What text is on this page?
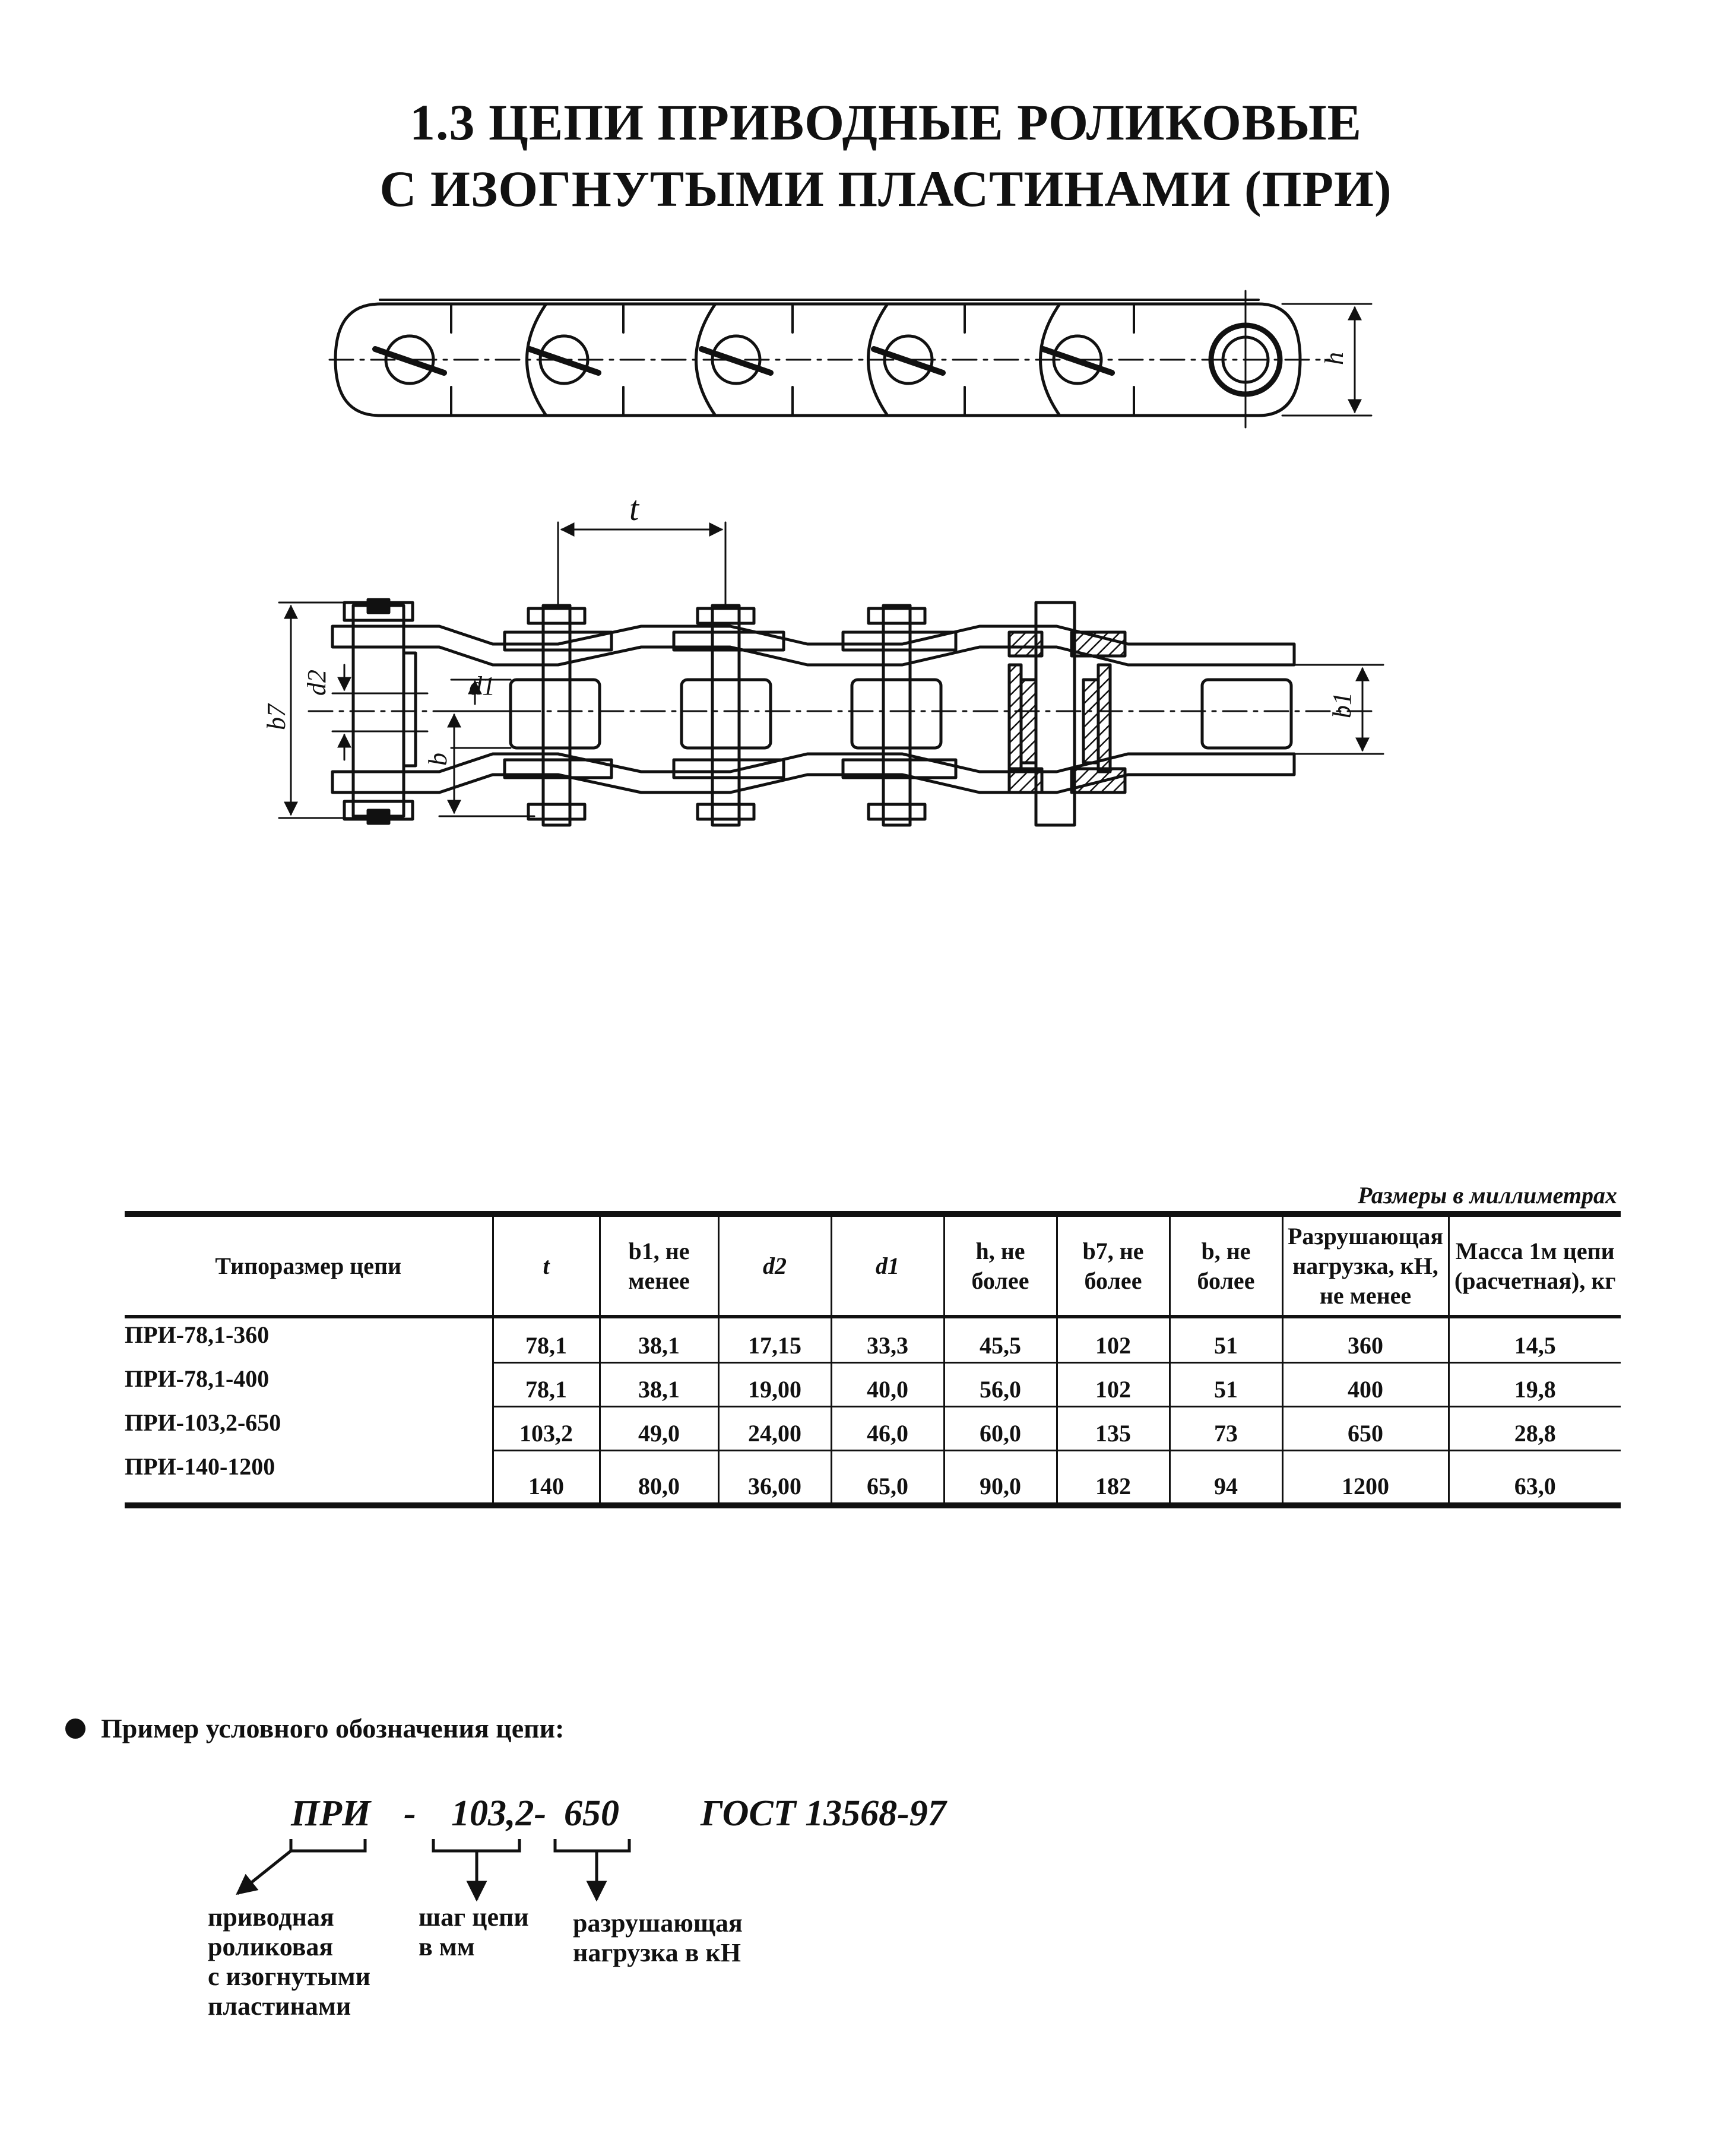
1.3 ЦЕПИ ПРИВОДНЫЕ РОЛИКОВЫЕ
С ИЗОГНУТЫМИ ПЛАСТИНАМИ (ПРИ)
h
t
b7
d2	d1
b
b1
Размеры в миллиметрах
Типоразмер цепи	t	b1, не менее	d2	d1	h, не более	b7, не более	b, не более	Разрушающая нагрузка, кН, не менее	Масса 1м цепи (расчетная), кг
ПРИ-78,1-360	78,1	38,1	17,15	33,3	45,5	102	51	360	14,5
ПРИ-78,1-400	78,1	38,1	19,00	40,0	56,0	102	51	400	19,8
ПРИ-103,2-650	103,2	49,0	24,00	46,0	60,0	135	73	650	28,8
ПРИ-140-1200	140	80,0	36,00	65,0	90,0	182	94	1200	63,0
Пример условного обозначения цепи:
ПРИ - 103,2- 650 ГОСТ 13568-97
приводная
роликовая
с изогнутыми
пластинами
шаг цепи
в мм
разрушающая
нагрузка в кН
